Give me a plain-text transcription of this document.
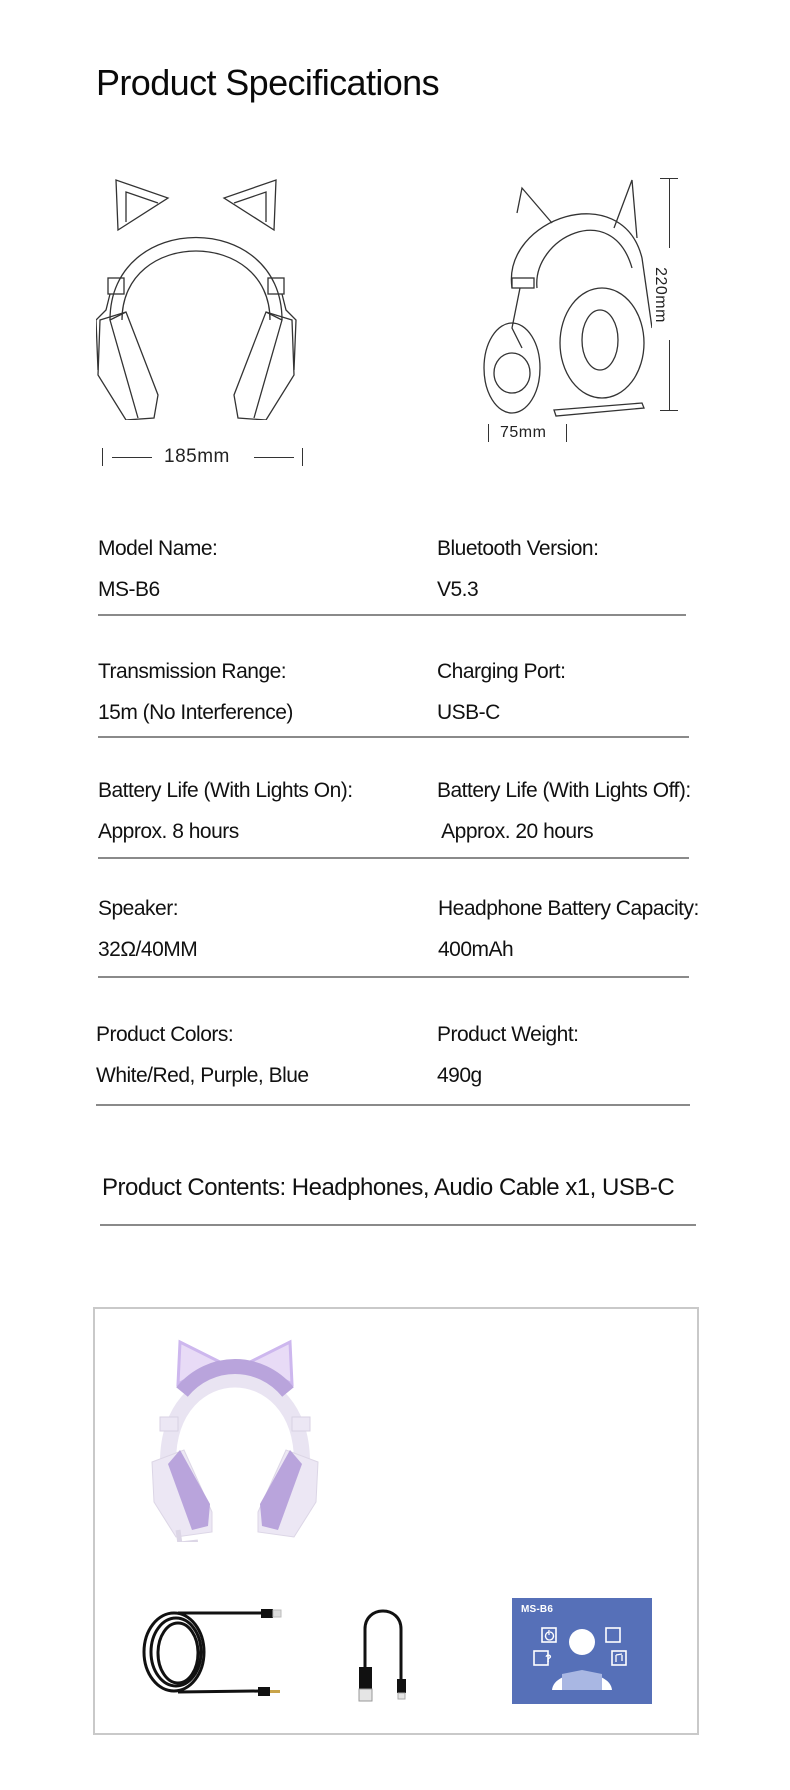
Product Specifications
185mm
220mm
75mm
Model Name:
MS-B6
Bluetooth Version:
V5.3
Transmission Range:
15m (No Interference)
Charging Port:
USB-C
Battery Life (With Lights On):
Approx. 8 hours
Battery Life (With Lights Off):
Approx. 20 hours
Speaker:
32Ω/40MM
Headphone Battery Capacity:
400mAh
Product Colors:
White/Red, Purple, Blue
Product Weight:
490g
Product Contents: Headphones, Audio Cable x1, USB-C
MS-B6
?
